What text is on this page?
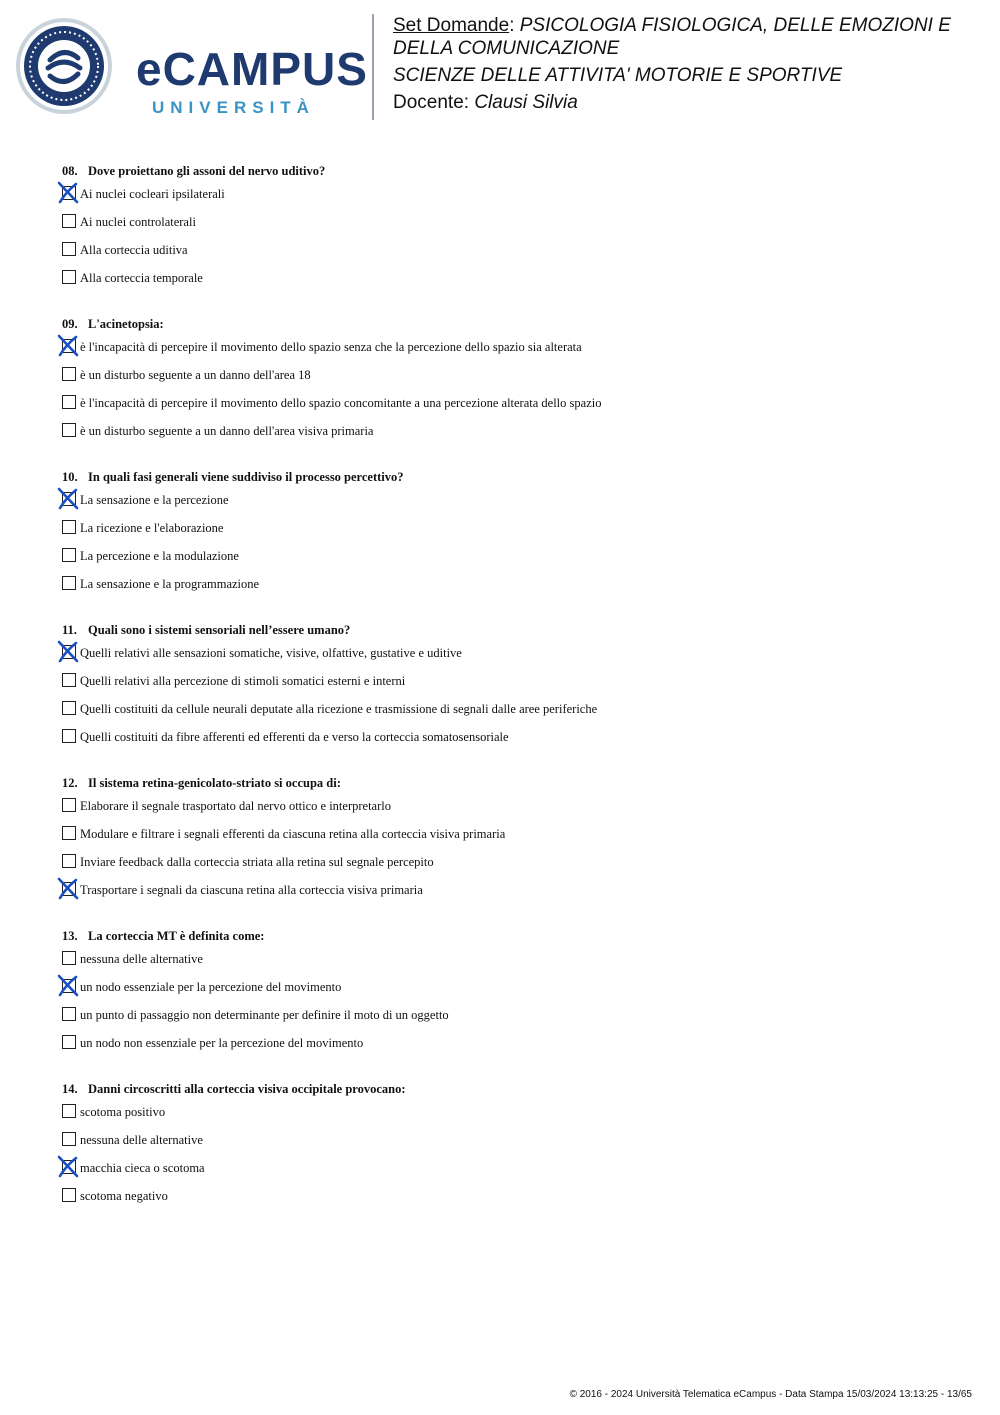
eCAMPUS
UNIVERSITÀ

Set Domande: PSICOLOGIA FISIOLOGICA, DELLE EMOZIONI E

DELLA COMUNICAZIONE

SCIENZE DELLE ATTIVITA' MOTORIE E SPORTIVE

Docente: Clausi Silvia

08. Dove proiettano gli assoni del nervo uditivo?
Ai nuclei cocleari ipsilaterali
Ai nuclei controlaterali
Alla corteccia uditiva
Alla corteccia temporale
09. L'acinetopsia:
è l'incapacità di percepire il movimento dello spazio senza che la percezione dello spazio sia alterata
è un disturbo seguente a un danno dell'area 18
è l'incapacità di percepire il movimento dello spazio concomitante a una percezione alterata dello spazio
è un disturbo seguente a un danno dell'area visiva primaria
10. In quali fasi generali viene suddiviso il processo percettivo?
La sensazione e la percezione
La ricezione e l'elaborazione
La percezione e la modulazione
La sensazione e la programmazione
11. Quali sono i sistemi sensoriali nell’essere umano?
Quelli relativi alle sensazioni somatiche, visive, olfattive, gustative e uditive
Quelli relativi alla percezione di stimoli somatici esterni e interni
Quelli costituiti da cellule neurali deputate alla ricezione e trasmissione di segnali dalle aree periferiche
Quelli costituiti da fibre afferenti ed efferenti da e verso la corteccia somatosensoriale
12. Il sistema retina-genicolato-striato si occupa di:
Elaborare il segnale trasportato dal nervo ottico e interpretarlo
Modulare e filtrare i segnali efferenti da ciascuna retina alla corteccia visiva primaria
Inviare feedback dalla corteccia striata alla retina sul segnale percepito
Trasportare i segnali da ciascuna retina alla corteccia visiva primaria
13. La corteccia MT è definita come:
nessuna delle alternative
un nodo essenziale per la percezione del movimento
un punto di passaggio non determinante per definire il moto di un oggetto
un nodo non essenziale per la percezione del movimento
14. Danni circoscritti alla corteccia visiva occipitale provocano:
scotoma positivo
nessuna delle alternative
macchia cieca o scotoma
scotoma negativo
© 2016 - 2024 Università Telematica eCampus - Data Stampa 15/03/2024 13:13:25 - 13/65
